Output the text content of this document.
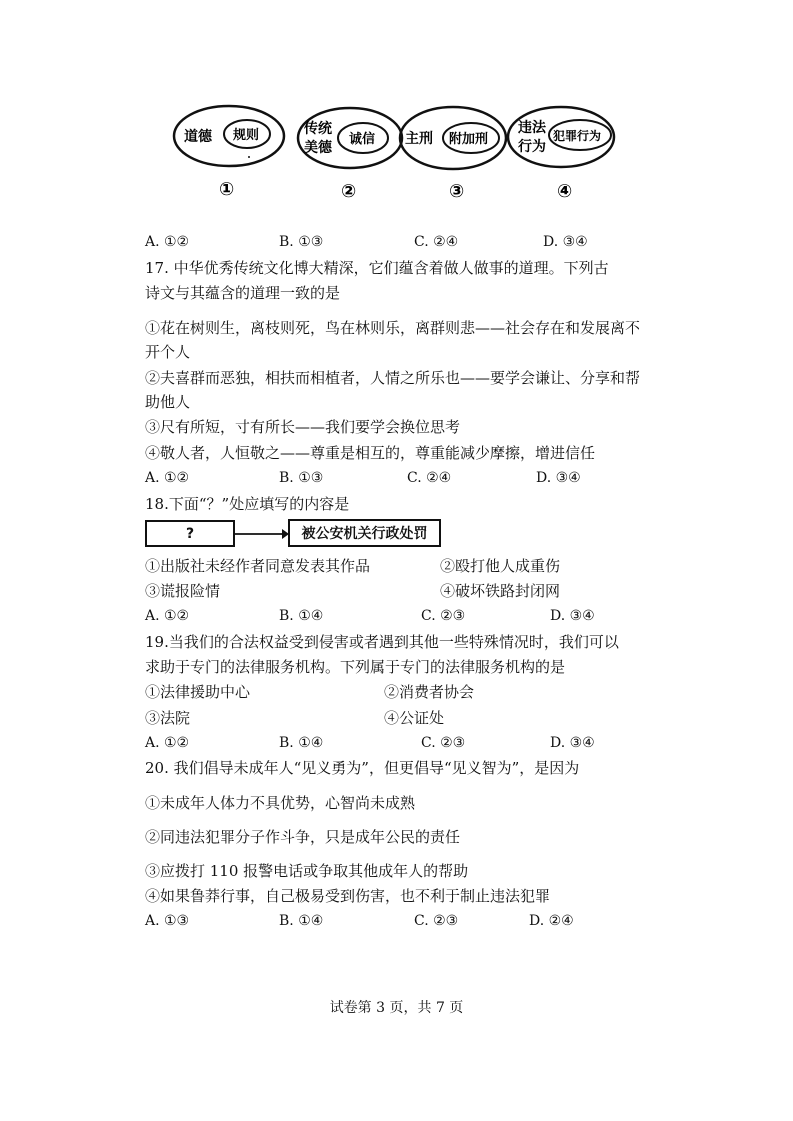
道德 规则	传统
美德
诚信 主刑 附加刑
违法
行为
犯罪行为
①	②	③	④
A. ①②	B. ①③	C. ②④	D. ③④
17. 中华优秀传统文化博大精深，它们蕴含着做人做事的道理。下列古
诗文与其蕴含的道理一致的是
①花在树则生，离枝则死，鸟在林则乐，离群则悲——社会存在和发展离不
开个人
②夫喜群而恶独，相扶而相植者，人情之所乐也——要学会谦让、分享和帮
助他人
③尺有所短，寸有所长——我们要学会换位思考
④敬人者，人恒敬之——尊重是相互的，尊重能减少摩擦，增进信任
A. ①②	B. ①③	C. ②④	D. ③④
18.下面“？”处应填写的内容是
?	被公安机关行政处罚
①出版社未经作者同意发表其作品	②殴打他人成重伤
③谎报险情	④破坏铁路封闭网
A. ①②	B. ①④	C. ②③	D. ③④
19.当我们的合法权益受到侵害或者遇到其他一些特殊情况时，我们可以
求助于专门的法律服务机构。下列属于专门的法律服务机构的是
①法律援助中心	②消费者协会
③法院	④公证处
A. ①②	B. ①④	C. ②③	D. ③④
20. 我们倡导未成年人“见义勇为”，但更倡导“见义智为”，是因为
①未成年人体力不具优势，心智尚未成熟
②同违法犯罪分子作斗争，只是成年公民的责任
③应拨打 110 报警电话或争取其他成年人的帮助
④如果鲁莽行事，自己极易受到伤害，也不利于制止违法犯罪
A. ①③	B. ①④	C. ②③	D. ②④
试卷第 3 页，共 7 页
